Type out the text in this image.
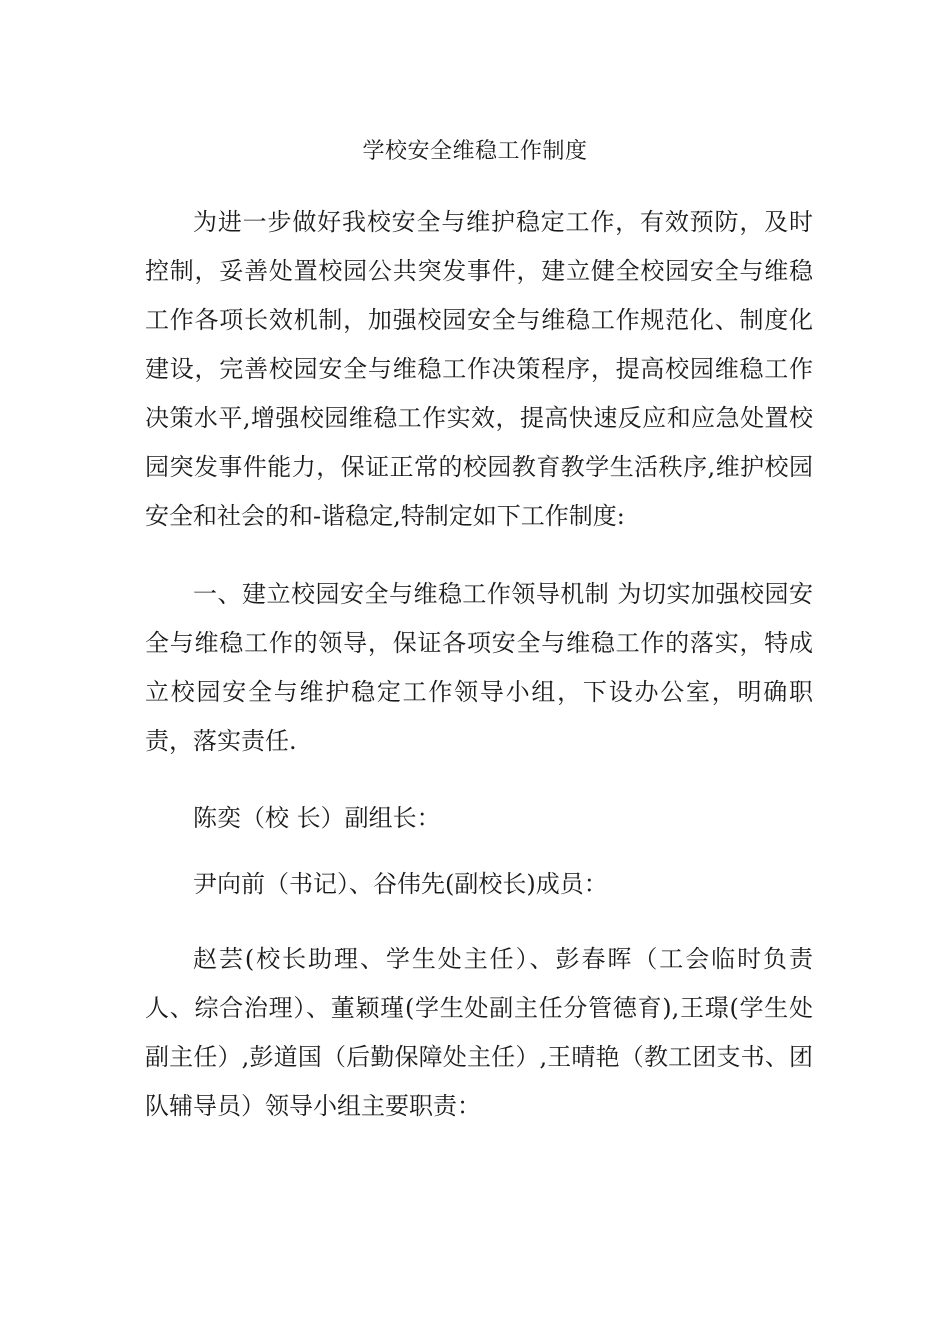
学校安全维稳工作制度

为进一步做好我校安全与维护稳定工作，有效预防，及时控制，妥善处置校园公共突发事件，建立健全校园安全与维稳工作各项长效机制，加强校园安全与维稳工作规范化、制度化建设，完善校园安全与维稳工作决策程序，提高校园维稳工作决策水平,增强校园维稳工作实效，提高快速反应和应急处置校园突发事件能力，保证正常的校园教育教学生活秩序,维护校园安全和社会的和-谐稳定,特制定如下工作制度:

一、建立校园安全与维稳工作领导机制 为切实加强校园安全与维稳工作的领导，保证各项安全与维稳工作的落实，特成立校园安全与维护稳定工作领导小组，下设办公室，明确职责，落实责任.

陈奕（校 长）副组长：

尹向前（书记）、谷伟先(副校长)成员：

赵芸(校长助理、学生处主任）、彭春晖（工会临时负责人、综合治理）、董颖瑾(学生处副主任分管德育),王璟(学生处副主任）,彭道国（后勤保障处主任）,王晴艳（教工团支书、团队辅导员）领导小组主要职责：
